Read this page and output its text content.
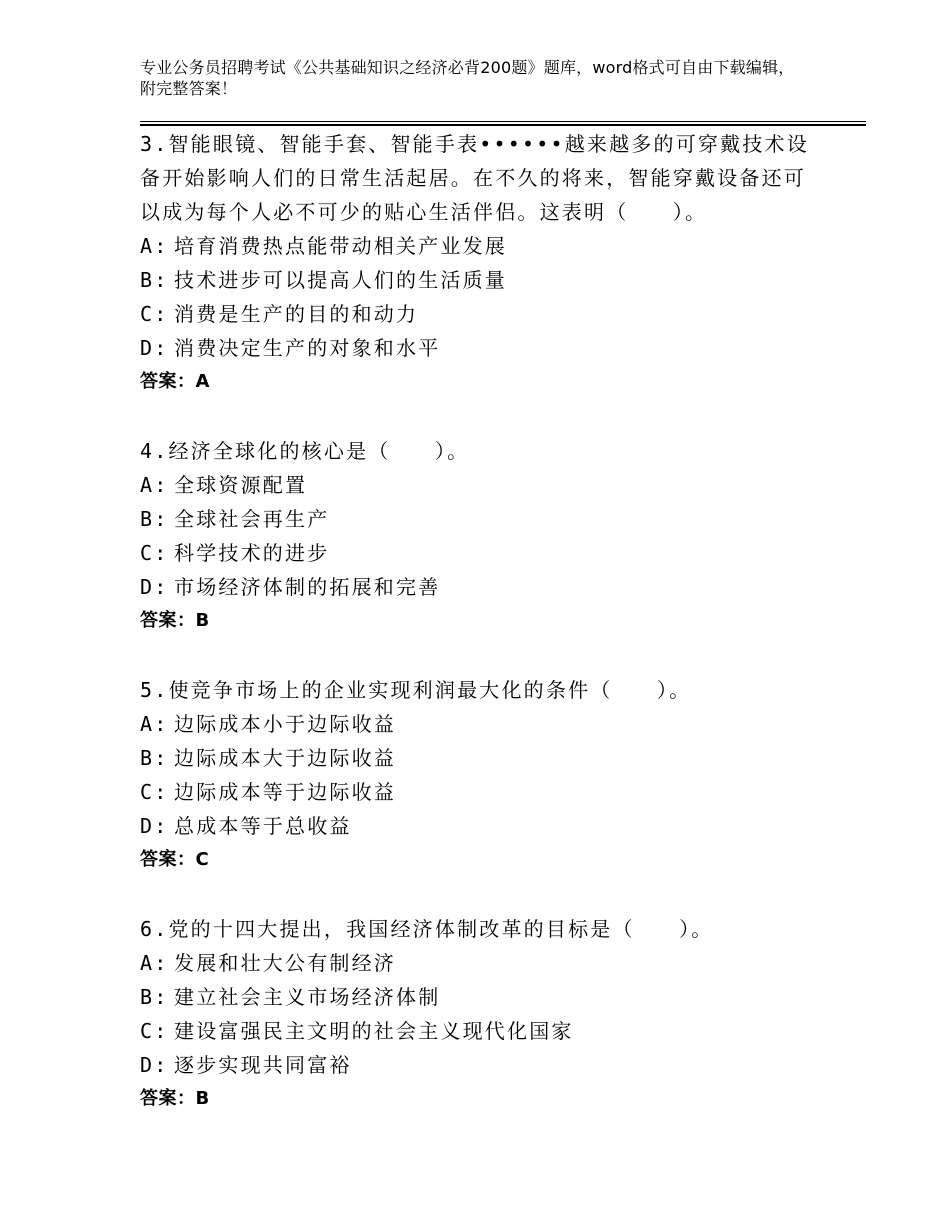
专业公务员招聘考试《公共基础知识之经济必背200题》题库，word格式可自由下载编辑，附完整答案！
3.智能眼镜、智能手套、智能手表••••••越来越多的可穿戴技术设备开始影响人们的日常生活起居。在不久的将来，智能穿戴设备还可以成为每个人必不可少的贴心生活伴侣。这表明（　　）。
A: 培育消费热点能带动相关产业发展
B: 技术进步可以提高人们的生活质量
C: 消费是生产的目的和动力
D: 消费决定生产的对象和水平
答案：A
4.经济全球化的核心是（　　）。
A: 全球资源配置
B: 全球社会再生产
C: 科学技术的进步
D: 市场经济体制的拓展和完善
答案：B
5.使竞争市场上的企业实现利润最大化的条件（　　）。
A: 边际成本小于边际收益
B: 边际成本大于边际收益
C: 边际成本等于边际收益
D: 总成本等于总收益
答案：C
6.党的十四大提出，我国经济体制改革的目标是（　　）。
A: 发展和壮大公有制经济
B: 建立社会主义市场经济体制
C: 建设富强民主文明的社会主义现代化国家
D: 逐步实现共同富裕
答案：B
